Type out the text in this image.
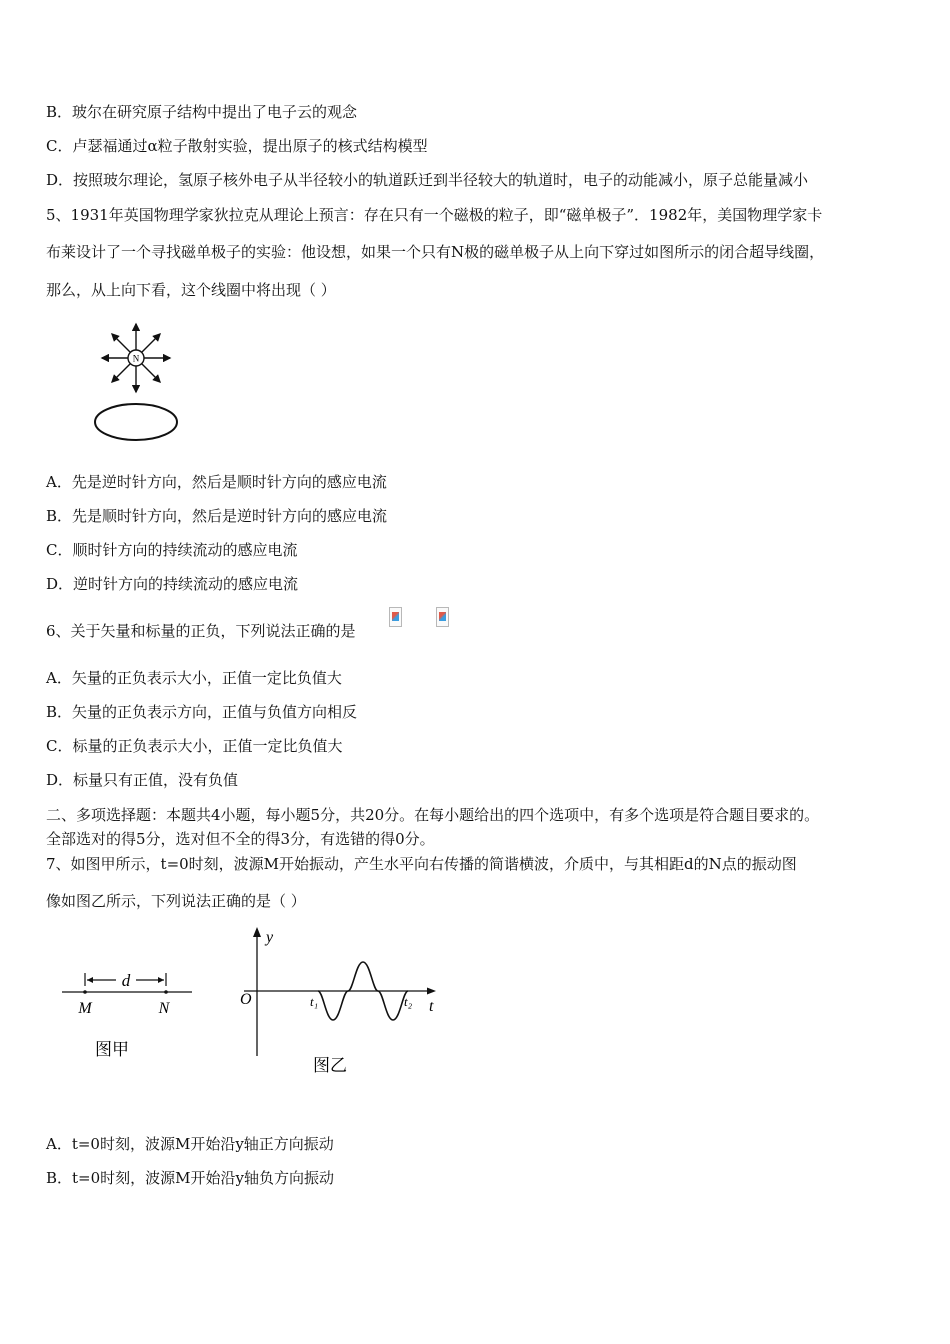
B．玻尔在研究原子结构中提出了电子云的观念
C．卢瑟福通过α粒子散射实验，提出原子的核式结构模型
D．按照玻尔理论，氢原子核外电子从半径较小的轨道跃迁到半径较大的轨道时，电子的动能减小，原子总能量减小
5、1931年英国物理学家狄拉克从理论上预言：存在只有一个磁极的粒子，即“磁单极子”．1982年，美国物理学家卡
布莱设计了一个寻找磁单极子的实验：他设想，如果一个只有N极的磁单极子从上向下穿过如图所示的闭合超导线圈，
那么，从上向下看，这个线圈中将出现（ ）
N
A．先是逆时针方向，然后是顺时针方向的感应电流
B．先是顺时针方向，然后是逆时针方向的感应电流
C．顺时针方向的持续流动的感应电流
D．逆时针方向的持续流动的感应电流
6、关于矢量和标量的正负，下列说法正确的是
A．矢量的正负表示大小，正值一定比负值大
B．矢量的正负表示方向，正值与负值方向相反
C．标量的正负表示大小，正值一定比负值大
D．标量只有正值，没有负值
二、多项选择题：本题共4小题，每小题5分，共20分。在每小题给出的四个选项中，有多个选项是符合题目要求的。
全部选对的得5分，选对但不全的得3分，有选错的得0分。
7、如图甲所示，t=0时刻，波源M开始振动，产生水平向右传播的简谐横波，介质中，与其相距d的N点的振动图
像如图乙所示，下列说法正确的是（ ）
d
M	N
图甲
y
O	t
t₁	t₂
图乙
A．t=0时刻，波源M开始沿y轴正方向振动
B．t=0时刻，波源M开始沿y轴负方向振动
